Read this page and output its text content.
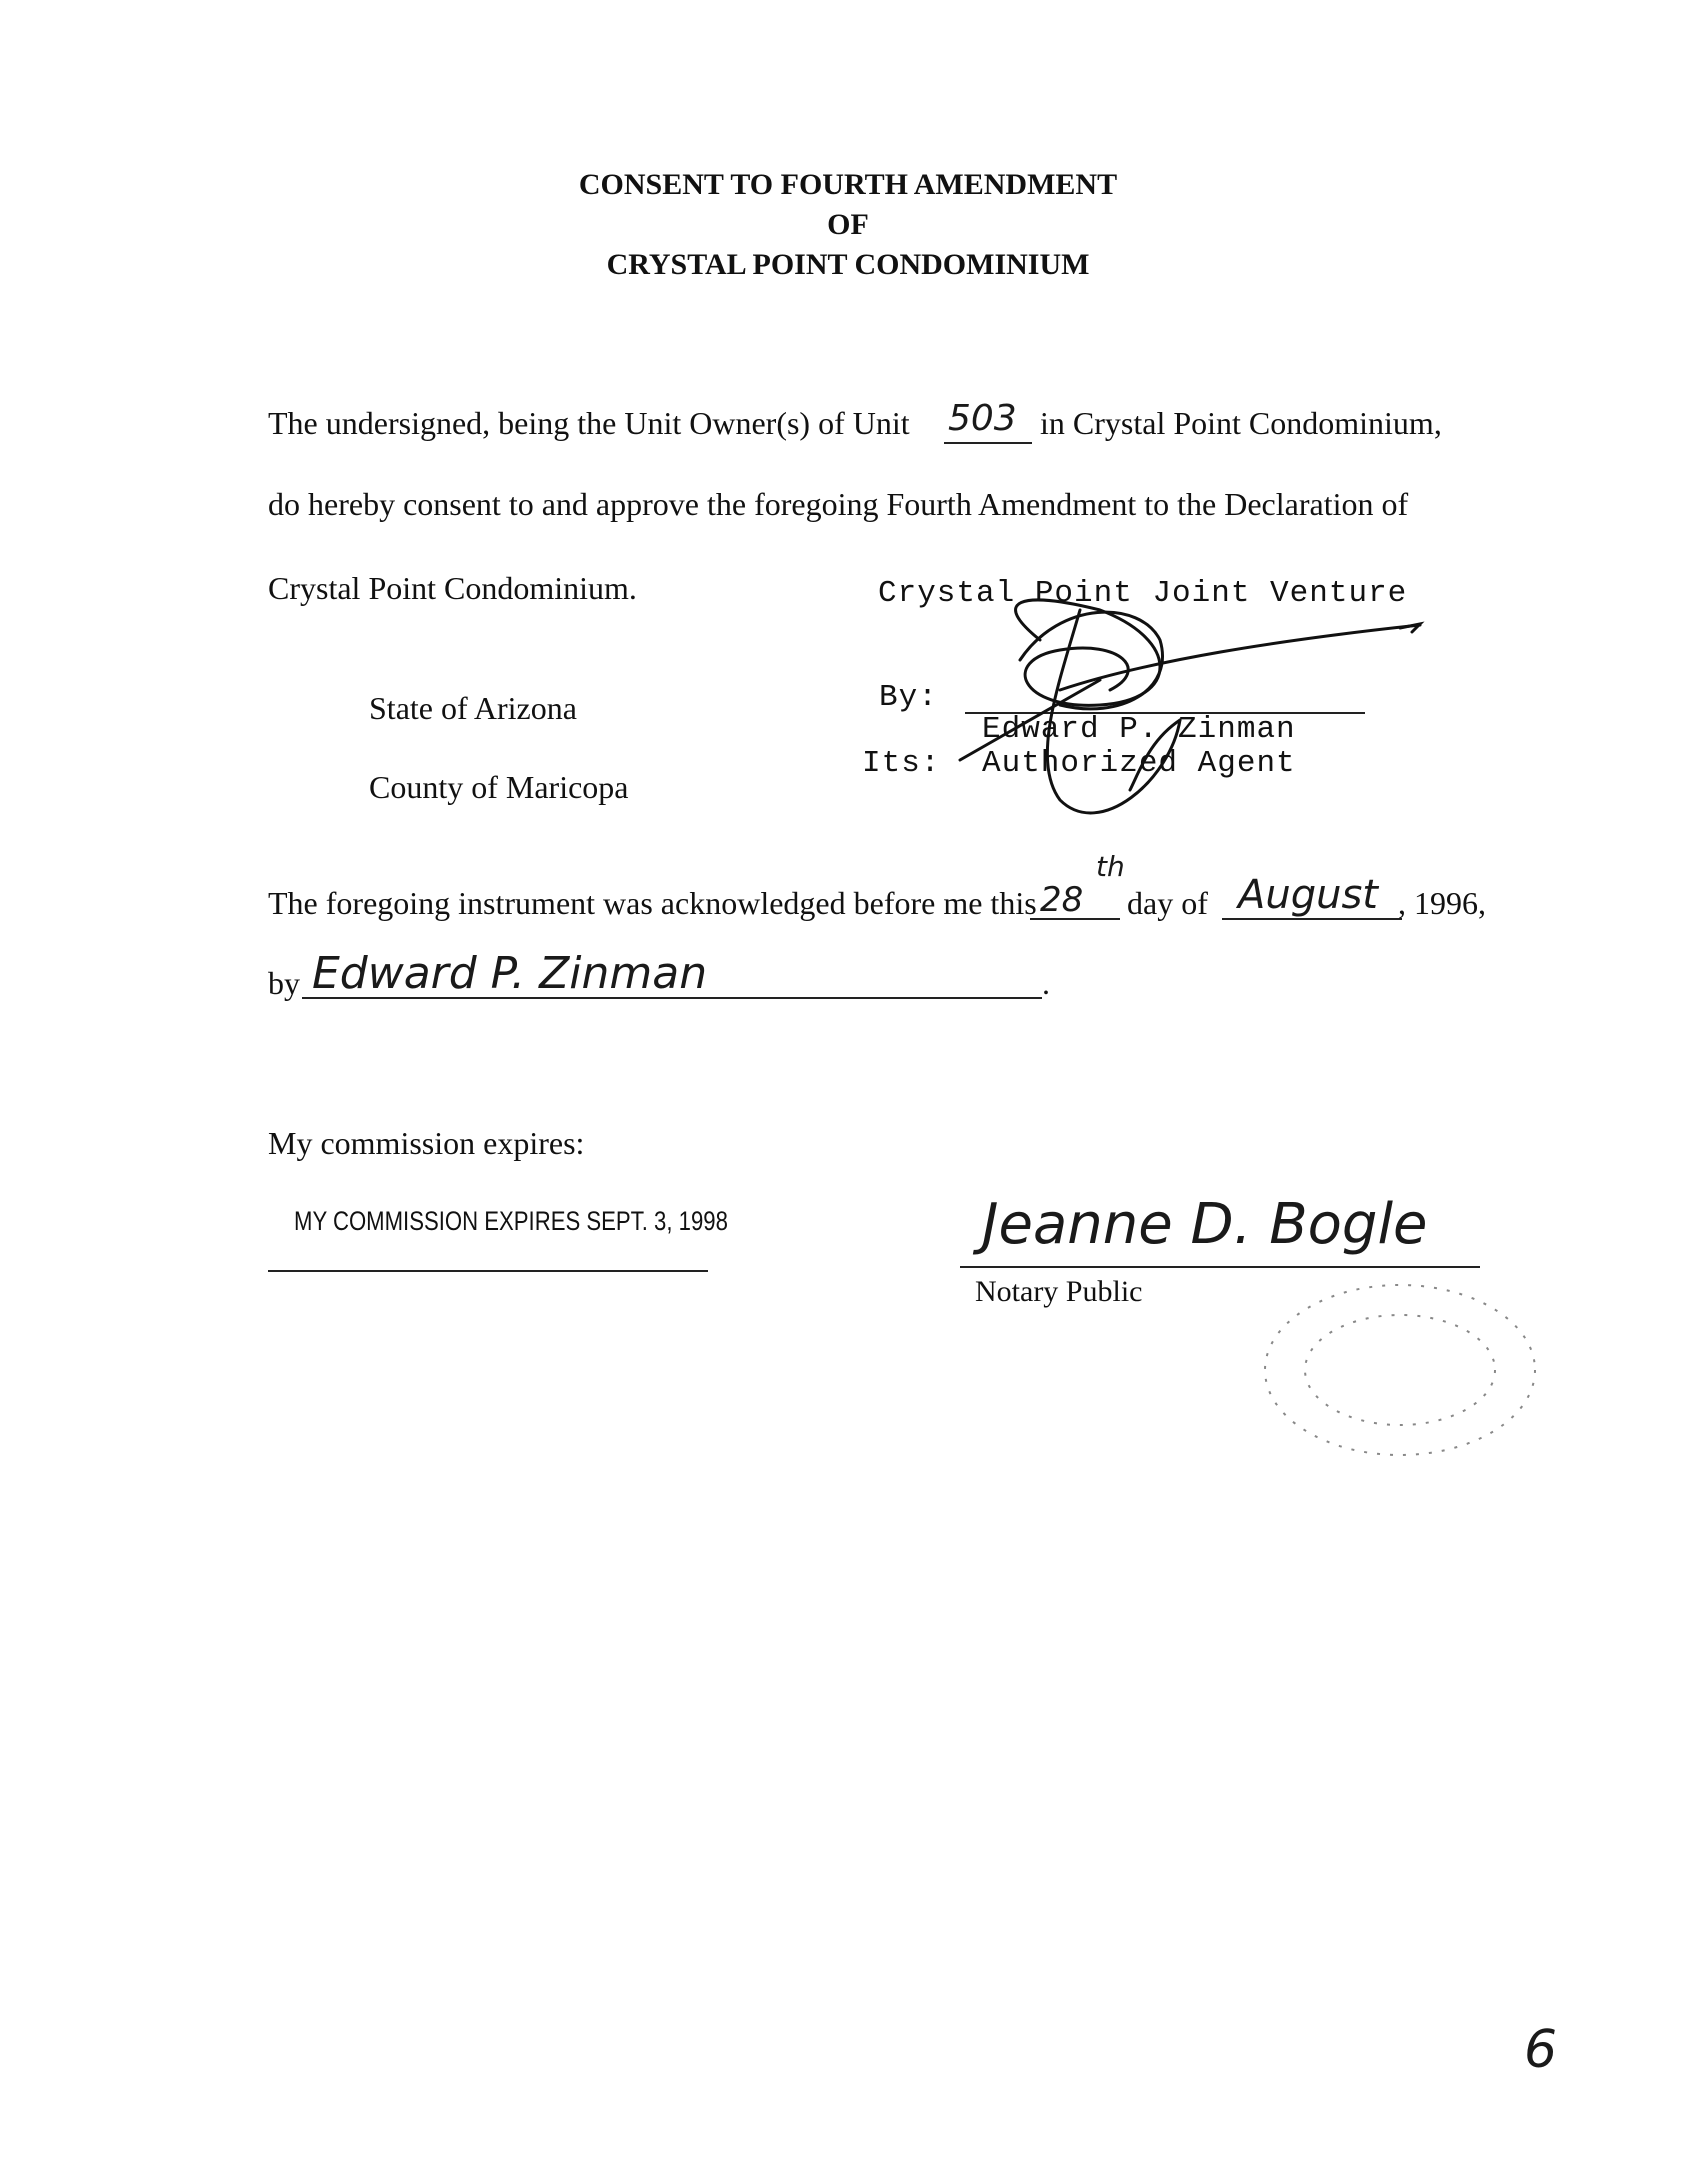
CONSENT TO FOURTH AMENDMENT
OF
CRYSTAL POINT CONDOMINIUM
The undersigned, being the Unit Owner(s) of Unit 503 in Crystal Point Condominium,
do hereby consent to and approve the foregoing Fourth Amendment to the Declaration of
Crystal Point Condominium.
State of Arizona
County of Maricopa
Crystal Point Joint Venture
By:
Edward P. Zinman
Its: Authorized Agent
The foregoing instrument was acknowledged before me this 28
th
day of August , 1996,
by Edward P. Zinman	.
My commission expires:
MY COMMISSION EXPIRES SEPT. 3, 1998	Jeanne D. Bogle
Notary Public
6
